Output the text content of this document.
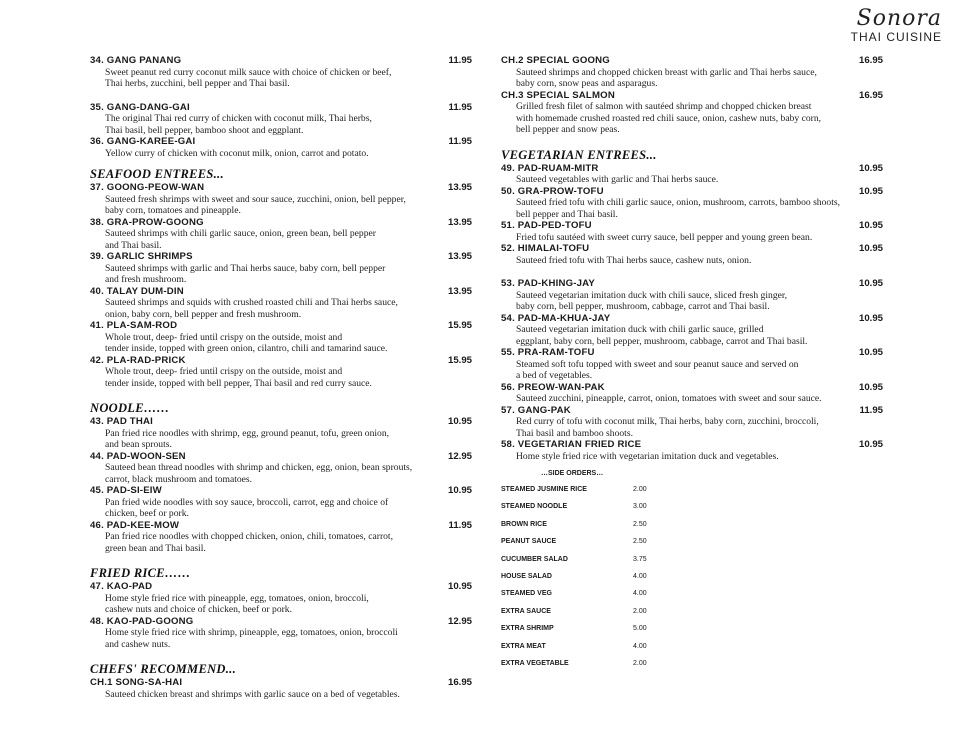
Sonora
THAI CUISINE
34. GANG PANANG	11.95
Sweet peanut red curry coconut milk sauce with choice of chicken or beef,
Thai herbs, zucchini, bell pepper and Thai basil.
35. GANG-DANG-GAI	11.95
The original Thai red curry of chicken with coconut milk, Thai herbs,
Thai basil, bell pepper, bamboo shoot and eggplant.
36. GANG-KAREE-GAI	11.95
Yellow curry of chicken with coconut milk, onion, carrot and potato.
SEAFOOD ENTREES...
37. GOONG-PEOW-WAN	13.95
Sauteed fresh shrimps with sweet and sour sauce, zucchini, onion, bell pepper,
baby corn, tomatoes and pineapple.
38. GRA-PROW-GOONG	13.95
Sauteed shrimps with chili garlic sauce, onion, green bean, bell pepper
and Thai basil.
39. GARLIC SHRIMPS	13.95
Sauteed shrimps with garlic and Thai herbs sauce, baby corn, bell pepper
and fresh mushroom.
40. TALAY DUM-DIN	13.95
Sauteed shrimps and squids with crushed roasted chili and Thai herbs sauce,
onion, baby corn, bell pepper and fresh mushroom.
41. PLA-SAM-ROD	15.95
Whole trout, deep- fried until crispy on the outside, moist and
tender inside, topped with green onion, cilantro, chili and tamarind sauce.
42. PLA-RAD-PRICK	15.95
Whole trout, deep- fried until crispy on the outside, moist and
tender inside, topped with bell pepper, Thai basil and red curry sauce.
NOODLE……
43. PAD THAI	10.95
Pan fried rice noodles with shrimp, egg, ground peanut, tofu, green onion,
and bean sprouts.
44. PAD-WOON-SEN	12.95
Sauteed bean thread noodles with shrimp and chicken, egg, onion, bean sprouts,
carrot, black mushroom and tomatoes.
45. PAD-SI-EIW	10.95
Pan fried wide noodles with soy sauce, broccoli, carrot, egg and choice of
chicken, beef or pork.
46. PAD-KEE-MOW	11.95
Pan fried rice noodles with chopped chicken, onion, chili, tomatoes, carrot,
green bean and Thai basil.
FRIED RICE……
47. KAO-PAD	10.95
Home style fried rice with pineapple, egg, tomatoes, onion, broccoli,
cashew nuts and choice of chicken, beef or pork.
48. KAO-PAD-GOONG	12.95
Home style fried rice with shrimp, pineapple, egg, tomatoes, onion, broccoli
and cashew nuts.
CHEFS' RECOMMEND...
CH.1 SONG-SA-HAI	16.95
Sauteed chicken breast and shrimps with garlic sauce on a bed of vegetables.
CH.2 SPECIAL GOONG	16.95
Sauteed shrimps and chopped chicken breast with garlic and Thai herbs sauce,
baby corn, snow peas and asparagus.
CH.3 SPECIAL SALMON	16.95
Grilled fresh filet of salmon with sautéed shrimp and chopped chicken breast
with homemade crushed roasted red chili sauce, onion, cashew nuts, baby corn,
bell pepper and snow peas.
VEGETARIAN ENTREES...
49. PAD-RUAM-MITR	10.95
Sauteed vegetables with garlic and Thai herbs sauce.
50. GRA-PROW-TOFU	10.95
Sauteed fried tofu with chili garlic sauce, onion, mushroom, carrots, bamboo shoots,
bell pepper and Thai basil.
51. PAD-PED-TOFU	10.95
Fried tofu sautéed with sweet curry sauce, bell pepper and young green bean.
52. HIMALAI-TOFU	10.95
Sauteed fried tofu with Thai herbs sauce, cashew nuts, onion.
53. PAD-KHING-JAY	10.95
Sauteed vegetarian imitation duck with chili sauce, sliced fresh ginger,
baby corn, bell pepper, mushroom, cabbage, carrot and Thai basil.
54. PAD-MA-KHUA-JAY	10.95
Sauteed vegetarian imitation duck with chili garlic sauce, grilled
eggplant, baby corn, bell pepper, mushroom, cabbage, carrot and Thai basil.
55. PRA-RAM-TOFU	10.95
Steamed soft tofu topped with sweet and sour peanut sauce and served on
a bed of vegetables.
56. PREOW-WAN-PAK	10.95
Sauteed zucchini, pineapple, carrot, onion, tomatoes with sweet and sour sauce.
57. GANG-PAK	11.95
Red curry of tofu with coconut milk, Thai herbs, baby corn, zucchini, broccoli,
Thai basil and bamboo shoots.
58. VEGETARIAN FRIED RICE	10.95
Home style fried rice with vegetarian imitation duck and vegetables.
…SIDE ORDERS…
STEAMED JUSMINE RICE	2.00
STEAMED NOODLE	3.00
BROWN RICE	2.50
PEANUT SAUCE	2.50
CUCUMBER SALAD	3.75
HOUSE SALAD	4.00
STEAMED VEG	4.00
EXTRA SAUCE	2.00
EXTRA SHRIMP	5.00
EXTRA MEAT	4.00
EXTRA VEGETABLE	2.00
